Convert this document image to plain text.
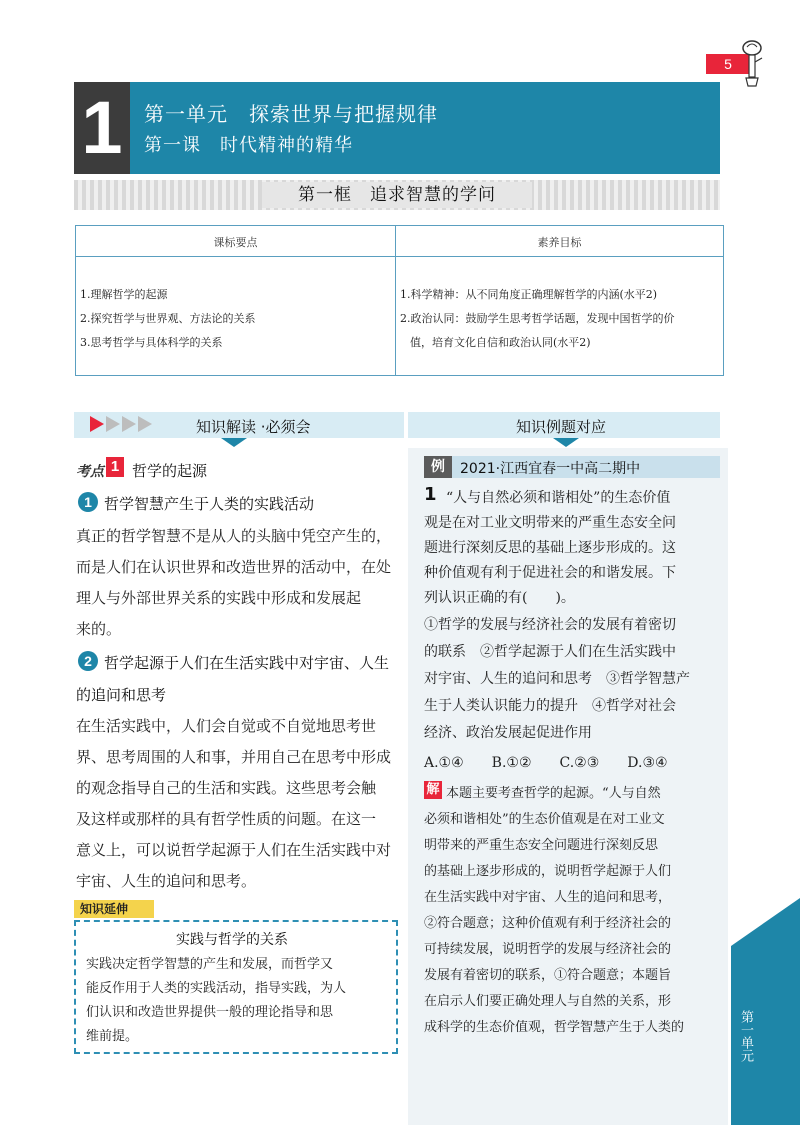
5
1	第一单元　探索世界与把握规律
第一课　时代精神的精华
第一框　追求智慧的学问
课标要点	素养目标
1.理解哲学的起源
2.探究哲学与世界观、方法论的关系
3.思考哲学与具体科学的关系
1.科学精神：从不同角度正确理解哲学的内涵(水平2)
2.政治认同：鼓励学生思考哲学话题，发现中国哲学的价
值，培育文化自信和政治认同(水平2)
知识解读 ·必须会	知识例题对应
考点 1 哲学的起源
1 哲学智慧产生于人类的实践活动
真正的哲学智慧不是从人的头脑中凭空产生的，
而是人们在认识世界和改造世界的活动中，在处
理人与外部世界关系的实践中形成和发展起
来的。
2 哲学起源于人们在生活实践中对宇宙、人生
的追问和思考
在生活实践中，人们会自觉或不自觉地思考世
界、思考周围的人和事，并用自己在思考中形成
的观念指导自己的生活和实践。这些思考会触
及这样或那样的具有哲学性质的问题。在这一
意义上，可以说哲学起源于人们在生活实践中对
宇宙、人生的追问和思考。
知识延伸
实践与哲学的关系
实践决定哲学智慧的产生和发展，而哲学又
能反作用于人类的实践活动，指导实践，为人
们认识和改造世界提供一般的理论指导和思
维前提。
例	2021·江西宜春一中高二期中
1 “人与自然必须和谐相处”的生态价值
观是在对工业文明带来的严重生态安全问
题进行深刻反思的基础上逐步形成的。这
种价值观有利于促进社会的和谐发展。下
列认识正确的有(　　)。
①哲学的发展与经济社会的发展有着密切
的联系　②哲学起源于人们在生活实践中
对宇宙、人生的追问和思考　③哲学智慧产
生于人类认识能力的提升　④哲学对社会
经济、政治发展起促进作用
A.①④　　B.①②　　C.②③　　D.③④
解 本题主要考查哲学的起源。“人与自然
必须和谐相处”的生态价值观是在对工业文
明带来的严重生态安全问题进行深刻反思
的基础上逐步形成的，说明哲学起源于人们
在生活实践中对宇宙、人生的追问和思考，
②符合题意；这种价值观有利于经济社会的
可持续发展，说明哲学的发展与经济社会的
发展有着密切的联系，①符合题意；本题旨
在启示人们要正确处理人与自然的关系，形
成科学的生态价值观，哲学智慧产生于人类的	第一单元
